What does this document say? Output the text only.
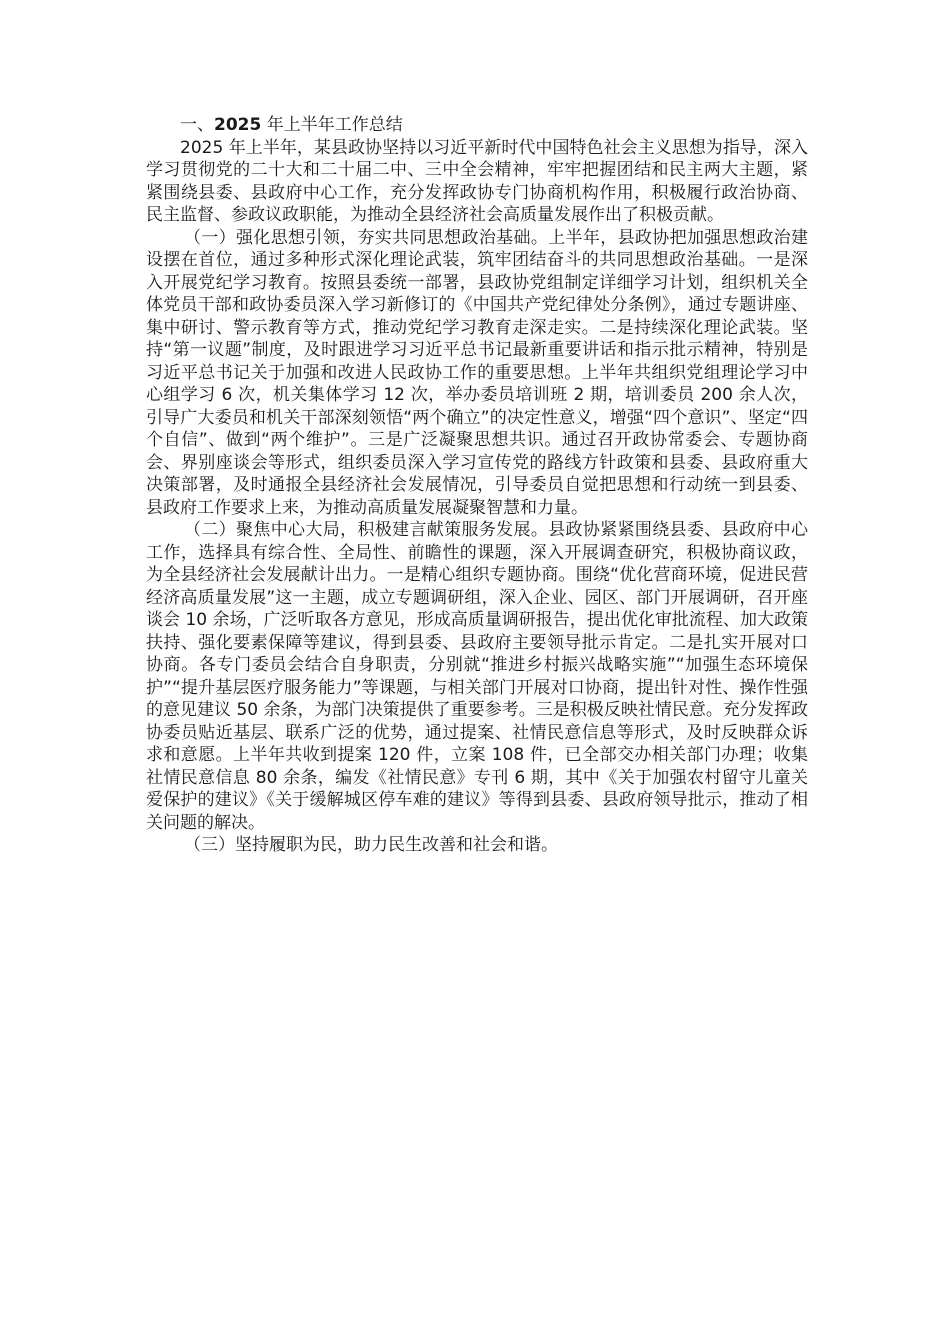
一、2025 年上半年工作总结

2025 年上半年，某县政协坚持以习近平新时代中国特色社会主义思想为指导，深入学习贯彻党的二十大和二十届二中、三中全会精神，牢牢把握团结和民主两大主题，紧紧围绕县委、县政府中心工作，充分发挥政协专门协商机构作用，积极履行政治协商、民主监督、参政议政职能，为推动全县经济社会高质量发展作出了积极贡献。

（一）强化思想引领，夯实共同思想政治基础。上半年，县政协把加强思想政治建设摆在首位，通过多种形式深化理论武装，筑牢团结奋斗的共同思想政治基础。一是深入开展党纪学习教育。按照县委统一部署，县政协党组制定详细学习计划，组织机关全体党员干部和政协委员深入学习新修订的《中国共产党纪律处分条例》，通过专题讲座、集中研讨、警示教育等方式，推动党纪学习教育走深走实。二是持续深化理论武装。坚持“第一议题”制度，及时跟进学习习近平总书记最新重要讲话和指示批示精神，特别是习近平总书记关于加强和改进人民政协工作的重要思想。上半年共组织党组理论学习中心组学习 6 次，机关集体学习 12 次，举办委员培训班 2 期，培训委员 200 余人次，引导广大委员和机关干部深刻领悟“两个确立”的决定性意义，增强“四个意识”、坚定“四个自信”、做到“两个维护”。三是广泛凝聚思想共识。通过召开政协常委会、专题协商会、界别座谈会等形式，组织委员深入学习宣传党的路线方针政策和县委、县政府重大决策部署，及时通报全县经济社会发展情况，引导委员自觉把思想和行动统一到县委、县政府工作要求上来，为推动高质量发展凝聚智慧和力量。

（二）聚焦中心大局，积极建言献策服务发展。县政协紧紧围绕县委、县政府中心工作，选择具有综合性、全局性、前瞻性的课题，深入开展调查研究，积极协商议政，为全县经济社会发展献计出力。一是精心组织专题协商。围绕“优化营商环境，促进民营经济高质量发展”这一主题，成立专题调研组，深入企业、园区、部门开展调研，召开座谈会 10 余场，广泛听取各方意见，形成高质量调研报告，提出优化审批流程、加大政策扶持、强化要素保障等建议，得到县委、县政府主要领导批示肯定。二是扎实开展对口协商。各专门委员会结合自身职责，分别就“推进乡村振兴战略实施”“加强生态环境保护”“提升基层医疗服务能力”等课题，与相关部门开展对口协商，提出针对性、操作性强的意见建议 50 余条，为部门决策提供了重要参考。三是积极反映社情民意。充分发挥政协委员贴近基层、联系广泛的优势，通过提案、社情民意信息等形式，及时反映群众诉求和意愿。上半年共收到提案 120 件，立案 108 件，已全部交办相关部门办理；收集社情民意信息 80 余条，编发《社情民意》专刊 6 期，其中《关于加强农村留守儿童关爱保护的建议》《关于缓解城区停车难的建议》等得到县委、县政府领导批示，推动了相关问题的解决。

（三）坚持履职为民，助力民生改善和社会和谐。
